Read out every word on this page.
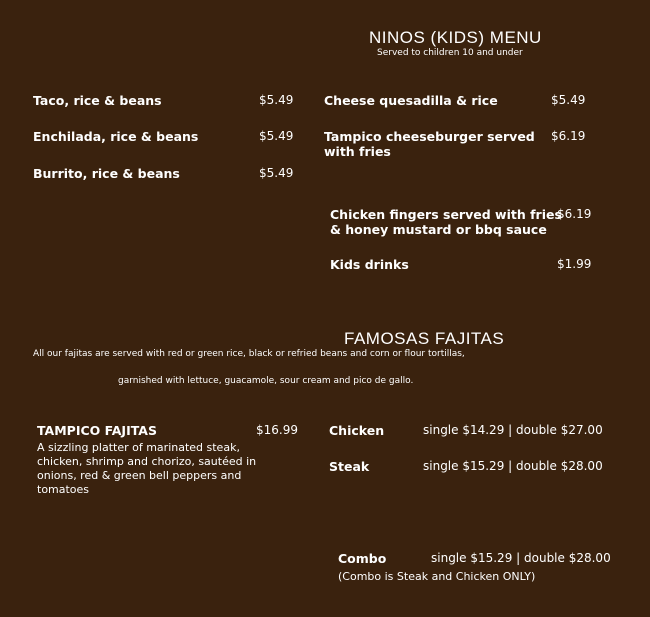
NINOS (KIDS) MENU
Served to children 10 and under
Taco, rice & beans	$5.49
Enchilada, rice & beans	$5.49
Burrito, rice & beans	$5.49
Cheese quesadilla & rice	$5.49
Tampico cheeseburger served
with fries
$6.19
Chicken fingers served with fries
& honey mustard or bbq sauce
$6.19
Kids drinks	$1.99
FAMOSAS FAJITAS
All our fajitas are served with red or green rice, black or refried beans and corn or flour tortillas,
garnished with lettuce, guacamole, sour cream and pico de gallo.
TAMPICO FAJITAS	$16.99
A sizzling platter of marinated steak,
chicken, shrimp and chorizo, sautéed in
onions, red & green bell peppers and
tomatoes
Chicken	single $14.29 | double $27.00
Steak	single $15.29 | double $28.00
Combo	single $15.29 | double $28.00
(Combo is Steak and Chicken ONLY)
